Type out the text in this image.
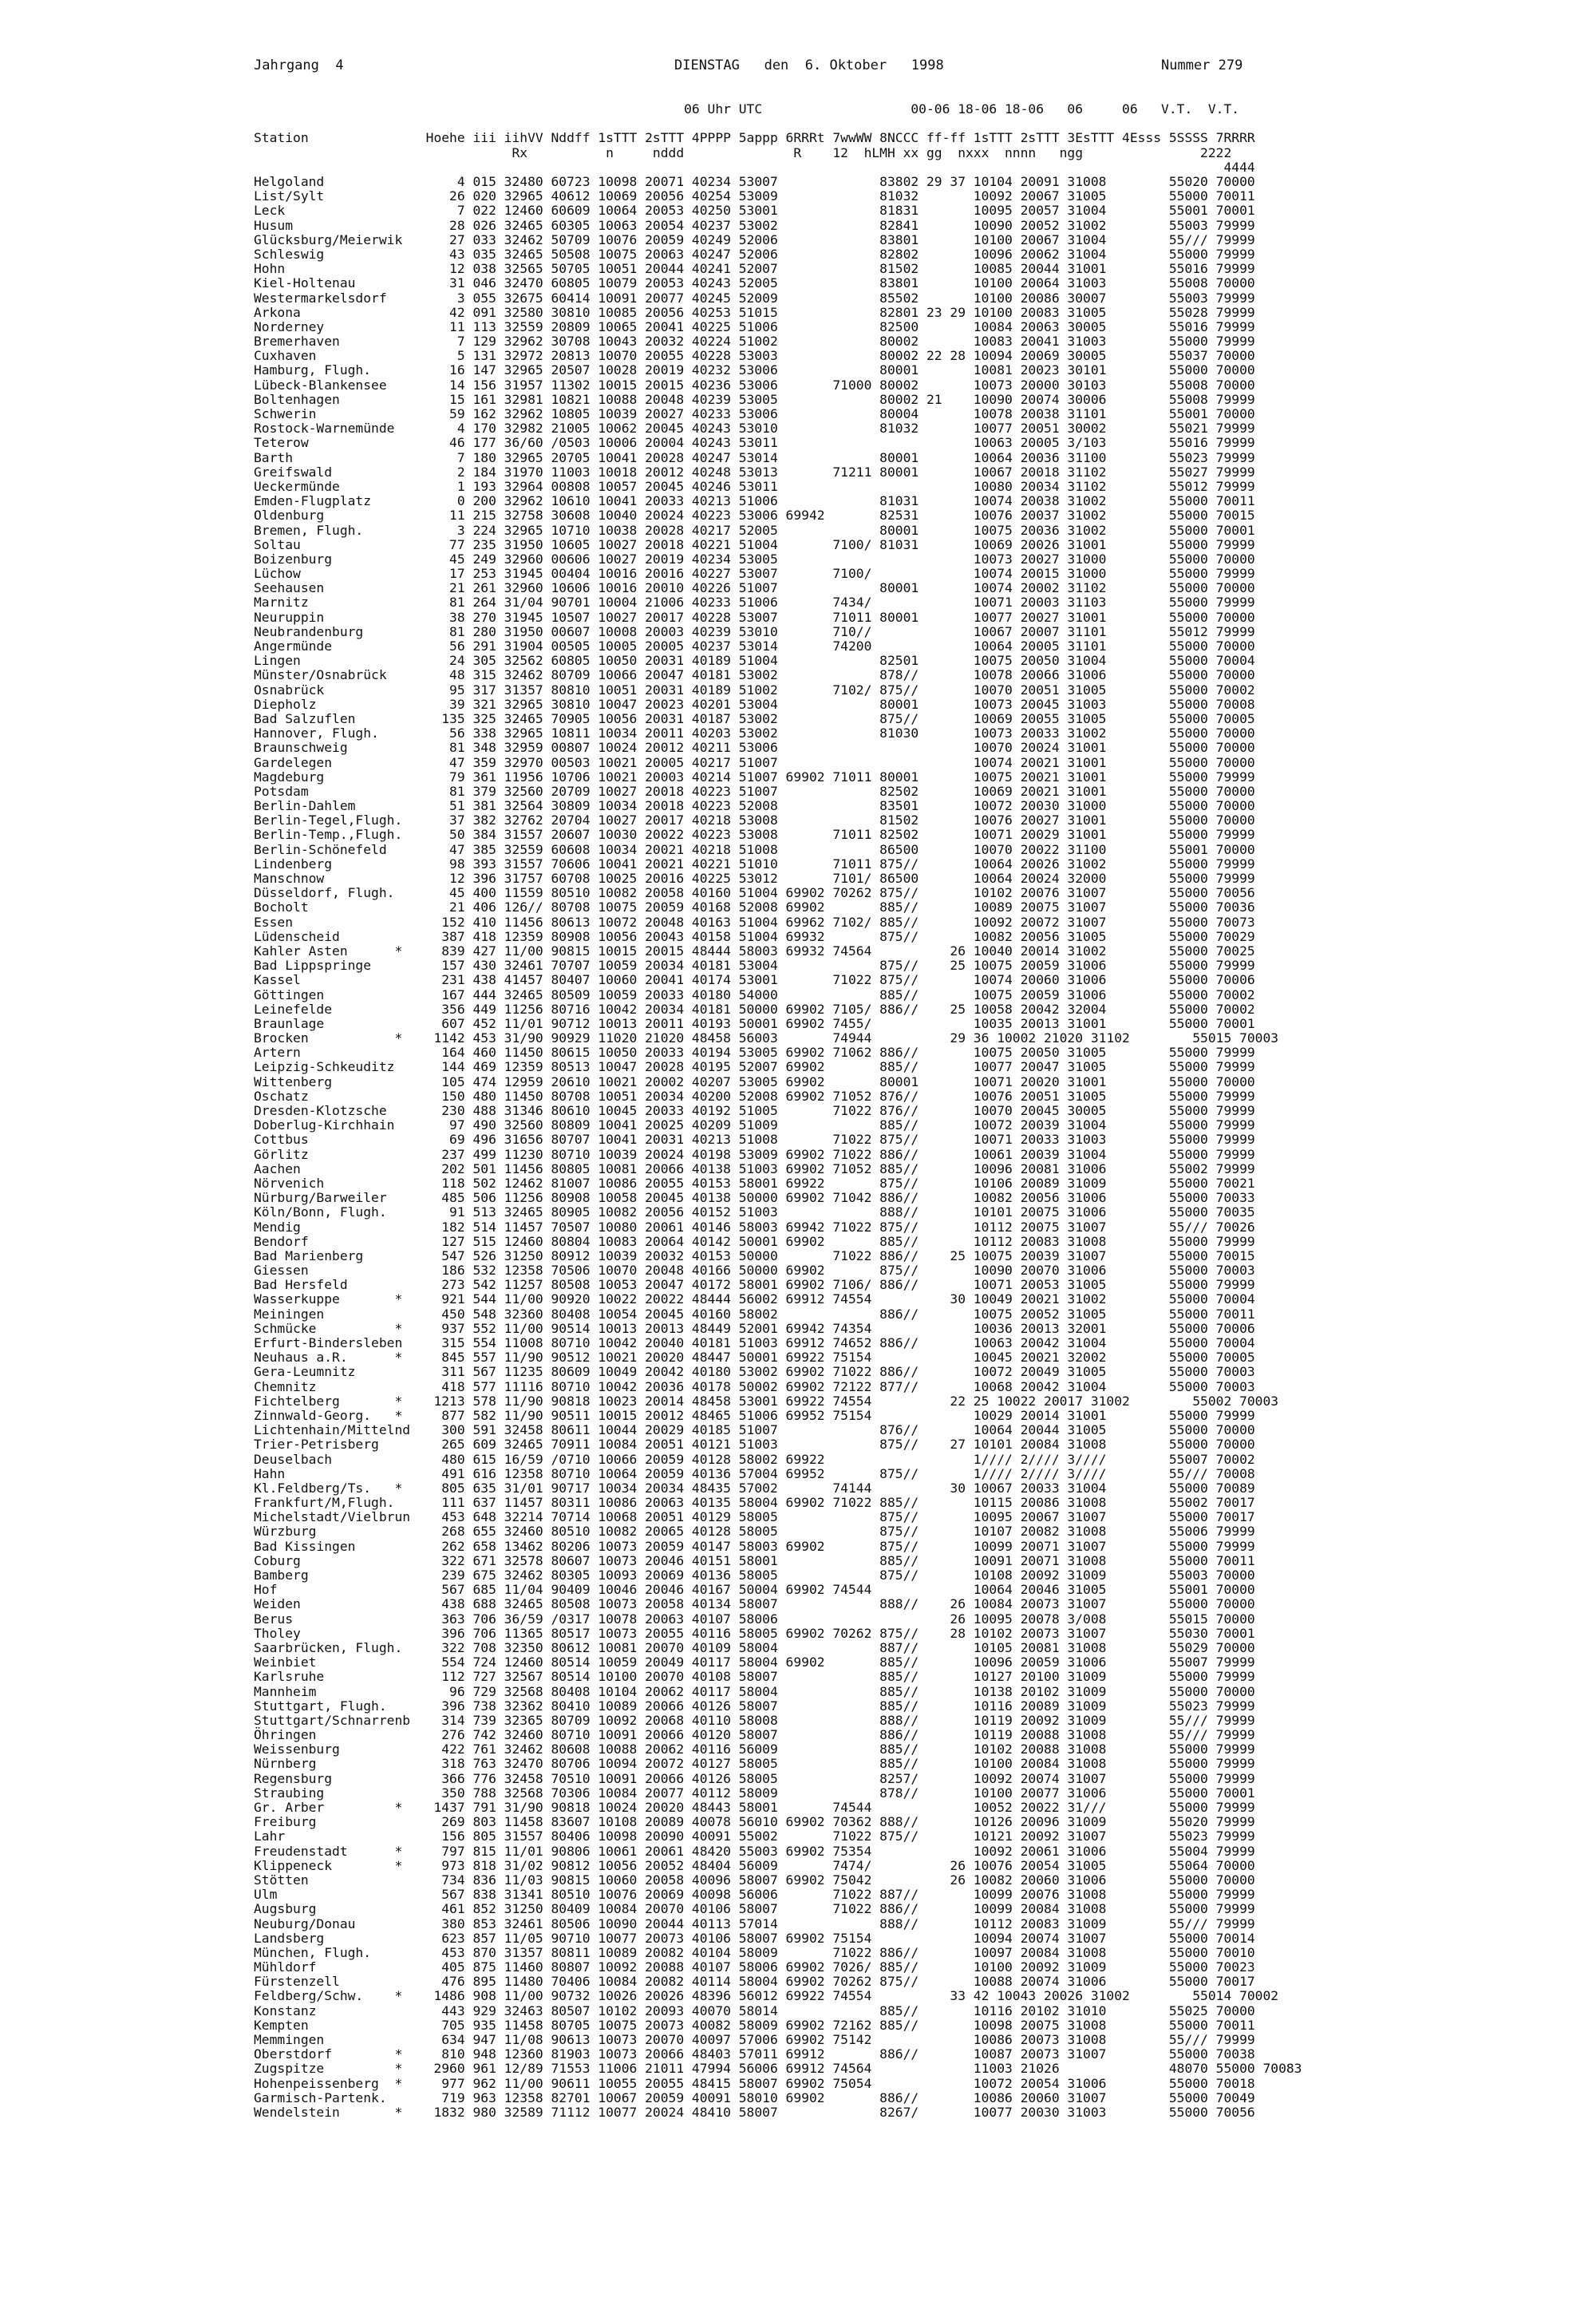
Jahrgang  4	DIENSTAG   den  6. Oktober   1998	Nummer 279
06 Uhr UTC                   00-06 18-06 18-06   06     06   V.T.  V.T.
Station               Hoehe iii iihVV Nddff 1sTTT 2sTTT 4PPPP 5appp 6RRRt 7wwWW 8NCCC ff-ff 1sTTT 2sTTT 3EsTTT 4Esss 5SSSS 7RRRR
Rx          n     nddd              R    12  hLMH xx gg  nxxx  nnnn   ngg               2222
4444
Helgoland                 4 015 32480 60723 10098 20071 40234 53007             83802 29 37 10104 20091 31008        55020 70000
List/Sylt                26 020 32965 40612 10069 20056 40254 53009             81032       10092 20067 31005        55000 70011
Leck                      7 022 12460 60609 10064 20053 40250 53001             81831       10095 20057 31004        55001 70001
Husum                    28 026 32465 60305 10063 20054 40237 53002             82841       10090 20052 31002        55003 79999
Glücksburg/Meierwik      27 033 32462 50709 10076 20059 40249 52006             83801       10100 20067 31004        55/// 79999
Schleswig                43 035 32465 50508 10075 20063 40247 52006             82802       10096 20062 31004        55000 79999
Hohn                     12 038 32565 50705 10051 20044 40241 52007             81502       10085 20044 31001        55016 79999
Kiel-Holtenau            31 046 32470 60805 10079 20053 40243 52005             83801       10100 20064 31003        55008 70000
Westermarkelsdorf         3 055 32675 60414 10091 20077 40245 52009             85502       10100 20086 30007        55003 79999
Arkona                   42 091 32580 30810 10085 20056 40253 51015             82801 23 29 10100 20083 31005        55028 79999
Norderney                11 113 32559 20809 10065 20041 40225 51006             82500       10084 20063 30005        55016 79999
Bremerhaven               7 129 32962 30708 10043 20032 40224 51002             80002       10083 20041 31003        55000 79999
Cuxhaven                  5 131 32972 20813 10070 20055 40228 53003             80002 22 28 10094 20069 30005        55037 70000
Hamburg, Flugh.          16 147 32965 20507 10028 20019 40232 53006             80001       10081 20023 30101        55000 70000
Lübeck-Blankensee        14 156 31957 11302 10015 20015 40236 53006       71000 80002       10073 20000 30103        55008 70000
Boltenhagen              15 161 32981 10821 10088 20048 40239 53005             80002 21    10090 20074 30006        55008 79999
Schwerin                 59 162 32962 10805 10039 20027 40233 53006             80004       10078 20038 31101        55001 70000
Rostock-Warnemünde        4 170 32982 21005 10062 20045 40243 53010             81032       10077 20051 30002        55021 79999
Teterow                  46 177 36/60 /0503 10006 20004 40243 53011                         10063 20005 3/103        55016 79999
Barth                     7 180 32965 20705 10041 20028 40247 53014             80001       10064 20036 31100        55023 79999
Greifswald                2 184 31970 11003 10018 20012 40248 53013       71211 80001       10067 20018 31102        55027 79999
Ueckermünde               1 193 32964 00808 10057 20045 40246 53011                         10080 20034 31102        55012 79999
Emden-Flugplatz           0 200 32962 10610 10041 20033 40213 51006             81031       10074 20038 31002        55000 70011
Oldenburg                11 215 32758 30608 10040 20024 40223 53006 69942       82531       10076 20037 31002        55000 70015
Bremen, Flugh.            3 224 32965 10710 10038 20028 40217 52005             80001       10075 20036 31002        55000 70001
Soltau                   77 235 31950 10605 10027 20018 40221 51004       7100/ 81031       10069 20026 31001        55000 79999
Boizenburg               45 249 32960 00606 10027 20019 40234 53005                         10073 20027 31000        55000 70000
Lüchow                   17 253 31945 00404 10016 20016 40227 53007       7100/             10074 20015 31000        55000 79999
Seehausen                21 261 32960 10606 10016 20010 40226 51007             80001       10074 20002 31102        55000 70000
Marnitz                  81 264 31/04 90701 10004 21006 40233 51006       7434/             10071 20003 31103        55000 79999
Neuruppin                38 270 31945 10507 10027 20017 40228 53007       71011 80001       10077 20027 31001        55000 70000
Neubrandenburg           81 280 31950 00607 10008 20003 40239 53010       710//             10067 20007 31101        55012 79999
Angermünde               56 291 31904 00505 10005 20005 40237 53014       74200             10064 20005 31101        55000 70000
Lingen                   24 305 32562 60805 10050 20031 40189 51004             82501       10075 20050 31004        55000 70004
Münster/Osnabrück        48 315 32462 80709 10066 20047 40181 53002             878//       10078 20066 31006        55000 70000
Osnabrück                95 317 31357 80810 10051 20031 40189 51002       7102/ 875//       10070 20051 31005        55000 70002
Diepholz                 39 321 32965 30810 10047 20023 40201 53004             80001       10073 20045 31003        55000 70008
Bad Salzuflen           135 325 32465 70905 10056 20031 40187 53002             875//       10069 20055 31005        55000 70005
Hannover, Flugh.         56 338 32965 10811 10034 20011 40203 53002             81030       10073 20033 31002        55000 70000
Braunschweig             81 348 32959 00807 10024 20012 40211 53006                         10070 20024 31001        55000 70000
Gardelegen               47 359 32970 00503 10021 20005 40217 51007                         10074 20021 31001        55000 70000
Magdeburg                79 361 11956 10706 10021 20003 40214 51007 69902 71011 80001       10075 20021 31001        55000 79999
Potsdam                  81 379 32560 20709 10027 20018 40223 51007             82502       10069 20021 31001        55000 70000
Berlin-Dahlem            51 381 32564 30809 10034 20018 40223 52008             83501       10072 20030 31000        55000 70000
Berlin-Tegel,Flugh.      37 382 32762 20704 10027 20017 40218 53008             81502       10076 20027 31001        55000 70000
Berlin-Temp.,Flugh.      50 384 31557 20607 10030 20022 40223 53008       71011 82502       10071 20029 31001        55000 79999
Berlin-Schönefeld        47 385 32559 60608 10034 20021 40218 51008             86500       10070 20022 31100        55001 70000
Lindenberg               98 393 31557 70606 10041 20021 40221 51010       71011 875//       10064 20026 31002        55000 79999
Manschnow                12 396 31757 60708 10025 20016 40225 53012       7101/ 86500       10064 20024 32000        55000 79999
Düsseldorf, Flugh.       45 400 11559 80510 10082 20058 40160 51004 69902 70262 875//       10102 20076 31007        55000 70056
Bocholt                  21 406 126// 80708 10075 20059 40168 52008 69902       885//       10089 20075 31007        55000 70036
Essen                   152 410 11456 80613 10072 20048 40163 51004 69962 7102/ 885//       10092 20072 31007        55000 70073
Lüdenscheid             387 418 12359 80908 10056 20043 40158 51004 69932       875//       10082 20056 31005        55000 70029
Kahler Asten      *     839 427 11/00 90815 10015 20015 48444 58003 69932 74564          26 10040 20014 31002        55000 70025
Bad Lippspringe         157 430 32461 70707 10059 20034 40181 53004             875//    25 10075 20059 31006        55000 79999
Kassel                  231 438 41457 80407 10060 20041 40174 53001       71022 875//       10074 20060 31006        55000 70006
Göttingen               167 444 32465 80509 10059 20033 40180 54000             885//       10075 20059 31006        55000 70002
Leinefelde              356 449 11256 80716 10042 20034 40181 50000 69902 7105/ 886//    25 10058 20042 32004        55000 70002
Braunlage               607 452 11/01 90712 10013 20011 40193 50001 69902 7455/             10035 20013 31001        55000 70001
Brocken           *    1142 453 31/90 90929 11020 21020 48458 56003       74944          29 36 10002 21020 31102        55015 70003
Artern                  164 460 11450 80615 10050 20033 40194 53005 69902 71062 886//       10075 20050 31005        55000 79999
Leipzig-Schkeuditz      144 469 12359 80513 10047 20028 40195 52007 69902       885//       10077 20047 31005        55000 79999
Wittenberg              105 474 12959 20610 10021 20002 40207 53005 69902       80001       10071 20020 31001        55000 70000
Oschatz                 150 480 11450 80708 10051 20034 40200 52008 69902 71052 876//       10076 20051 31005        55000 79999
Dresden-Klotzsche       230 488 31346 80610 10045 20033 40192 51005       71022 876//       10070 20045 30005        55000 79999
Doberlug-Kirchhain       97 490 32560 80809 10041 20025 40209 51009             885//       10072 20039 31004        55000 79999
Cottbus                  69 496 31656 80707 10041 20031 40213 51008       71022 875//       10071 20033 31003        55000 79999
Görlitz                 237 499 11230 80710 10039 20024 40198 53009 69902 71022 886//       10061 20039 31004        55000 79999
Aachen                  202 501 11456 80805 10081 20066 40138 51003 69902 71052 885//       10096 20081 31006        55002 79999
Nörvenich               118 502 12462 81007 10086 20055 40153 58001 69922       875//       10106 20089 31009        55000 70021
Nürburg/Barweiler       485 506 11256 80908 10058 20045 40138 50000 69902 71042 886//       10082 20056 31006        55000 70033
Köln/Bonn, Flugh.        91 513 32465 80905 10082 20056 40152 51003             888//       10101 20075 31006        55000 70035
Mendig                  182 514 11457 70507 10080 20061 40146 58003 69942 71022 875//       10112 20075 31007        55/// 70026
Bendorf                 127 515 12460 80804 10083 20064 40142 50001 69902       885//       10112 20083 31008        55000 79999
Bad Marienberg          547 526 31250 80912 10039 20032 40153 50000       71022 886//    25 10075 20039 31007        55000 70015
Giessen                 186 532 12358 70506 10070 20048 40166 50000 69902       875//       10090 20070 31006        55000 70003
Bad Hersfeld            273 542 11257 80508 10053 20047 40172 58001 69902 7106/ 886//       10071 20053 31005        55000 79999
Wasserkuppe       *     921 544 11/00 90920 10022 20022 48444 56002 69912 74554          30 10049 20021 31002        55000 70004
Meiningen               450 548 32360 80408 10054 20045 40160 58002             886//       10075 20052 31005        55000 70011
Schmücke          *     937 552 11/00 90514 10013 20013 48449 52001 69942 74354             10036 20013 32001        55000 70006
Erfurt-Bindersleben     315 554 11008 80710 10042 20040 40181 51003 69912 74652 886//       10063 20042 31004        55000 70004
Neuhaus a.R.      *     845 557 11/90 90512 10021 20020 48447 50001 69922 75154             10045 20021 32002        55000 70005
Gera-Leumnitz           311 567 11235 80609 10049 20042 40180 53002 69902 71022 886//       10072 20049 31005        55000 70003
Chemnitz                418 577 11116 80710 10042 20036 40178 50002 69902 72122 877//       10068 20042 31004        55000 70003
Fichtelberg       *    1213 578 11/90 90818 10023 20014 48458 53001 69922 74554          22 25 10022 20017 31002        55002 70003
Zinnwald-Georg.   *     877 582 11/90 90511 10015 20012 48465 51006 69952 75154             10029 20014 31001        55000 79999
Lichtenhain/Mittelnd    300 591 32458 80611 10044 20029 40185 51007             876//       10064 20044 31005        55000 70000
Trier-Petrisberg        265 609 32465 70911 10084 20051 40121 51003             875//    27 10101 20084 31008        55000 70000
Deuselbach              480 615 16/59 /0710 10066 20059 40128 58002 69922                   1//// 2//// 3////        55007 70002
Hahn                    491 616 12358 80710 10064 20059 40136 57004 69952       875//       1//// 2//// 3////        55/// 70008
Kl.Feldberg/Ts.   *     805 635 31/01 90717 10034 20034 48435 57002       74144          30 10067 20033 31004        55000 70089
Frankfurt/M,Flugh.      111 637 11457 80311 10086 20063 40135 58004 69902 71022 885//       10115 20086 31008        55002 70017
Michelstadt/Vielbrun    453 648 32214 70714 10068 20051 40129 58005             875//       10095 20067 31007        55000 70017
Würzburg                268 655 32460 80510 10082 20065 40128 58005             875//       10107 20082 31008        55006 79999
Bad Kissingen           262 658 13462 80206 10073 20059 40147 58003 69902       875//       10099 20071 31007        55000 79999
Coburg                  322 671 32578 80607 10073 20046 40151 58001             885//       10091 20071 31008        55000 70011
Bamberg                 239 675 32462 80305 10093 20069 40136 58005             875//       10108 20092 31009        55003 70000
Hof                     567 685 11/04 90409 10046 20046 40167 50004 69902 74544             10064 20046 31005        55001 70000
Weiden                  438 688 32465 80508 10073 20058 40134 58007             888//    26 10084 20073 31007        55000 70000
Berus                   363 706 36/59 /0317 10078 20063 40107 58006                      26 10095 20078 3/008        55015 70000
Tholey                  396 706 11365 80517 10073 20055 40116 58005 69902 70262 875//    28 10102 20073 31007        55030 70001
Saarbrücken, Flugh.     322 708 32350 80612 10081 20070 40109 58004             887//       10105 20081 31008        55029 70000
Weinbiet                554 724 12460 80514 10059 20049 40117 58004 69902       885//       10096 20059 31006        55007 79999
Karlsruhe               112 727 32567 80514 10100 20070 40108 58007             885//       10127 20100 31009        55000 79999
Mannheim                 96 729 32568 80408 10104 20062 40117 58004             885//       10138 20102 31009        55000 70000
Stuttgart, Flugh.       396 738 32362 80410 10089 20066 40126 58007             885//       10116 20089 31009        55023 79999
Stuttgart/Schnarrenb    314 739 32365 80709 10092 20068 40110 58008             888//       10119 20092 31009        55/// 79999
Öhringen                276 742 32460 80710 10091 20066 40120 58007             886//       10119 20088 31008        55/// 79999
Weissenburg             422 761 32462 80608 10088 20062 40116 56009             885//       10102 20088 31008        55000 79999
Nürnberg                318 763 32470 80706 10094 20072 40127 58005             885//       10100 20084 31008        55000 79999
Regensburg              366 776 32458 70510 10091 20066 40126 58005             8257/       10092 20074 31007        55000 79999
Straubing               350 788 32568 70306 10084 20077 40112 58009             878//       10100 20077 31006        55000 70001
Gr. Arber         *    1437 791 31/90 90818 10024 20020 48443 58001       74544             10052 20022 31///        55000 79999
Freiburg                269 803 11458 83607 10108 20089 40078 56010 69902 70362 888//       10126 20096 31009        55020 79999
Lahr                    156 805 31557 80406 10098 20090 40091 55002       71022 875//       10121 20092 31007        55023 79999
Freudenstadt      *     797 815 11/01 90806 10061 20061 48420 55003 69902 75354             10092 20061 31006        55004 79999
Klippeneck        *     973 818 31/02 90812 10056 20052 48404 56009       7474/          26 10076 20054 31005        55064 70000
Stötten                 734 836 11/03 90815 10060 20058 40096 58007 69902 75042          26 10082 20060 31006        55000 70000
Ulm                     567 838 31341 80510 10076 20069 40098 56006       71022 887//       10099 20076 31008        55000 79999
Augsburg                461 852 31250 80409 10084 20070 40106 58007       71022 886//       10099 20084 31008        55000 79999
Neuburg/Donau           380 853 32461 80506 10090 20044 40113 57014             888//       10112 20083 31009        55/// 79999
Landsberg               623 857 11/05 90710 10077 20073 40106 58007 69902 75154             10094 20074 31007        55000 70014
München, Flugh.         453 870 31357 80811 10089 20082 40104 58009       71022 886//       10097 20084 31008        55000 70010
Mühldorf                405 875 11460 80807 10092 20088 40107 58006 69902 7026/ 885//       10100 20092 31009        55000 70023
Fürstenzell             476 895 11480 70406 10084 20082 40114 58004 69902 70262 875//       10088 20074 31006        55000 70017
Feldberg/Schw.    *    1486 908 11/00 90732 10026 20026 48396 56012 69922 74554          33 42 10043 20026 31002        55014 70002
Konstanz                443 929 32463 80507 10102 20093 40070 58014             885//       10116 20102 31010        55025 70000
Kempten                 705 935 11458 80705 10075 20073 40082 58009 69902 72162 885//       10098 20075 31008        55000 70011
Memmingen               634 947 11/08 90613 10073 20070 40097 57006 69902 75142             10086 20073 31008        55/// 79999
Oberstdorf        *     810 948 12360 81903 10073 20066 48403 57011 69912       886//       10087 20073 31007        55000 70038
Zugspitze         *    2960 961 12/89 71553 11006 21011 47994 56006 69912 74564             11003 21026              48070 55000 70083
Hohenpeissenberg  *     977 962 11/00 90611 10055 20055 48415 58007 69902 75054             10072 20054 31006        55000 70018
Garmisch-Partenk.       719 963 12358 82701 10067 20059 40091 58010 69902       886//       10086 20060 31007        55000 70049
Wendelstein       *    1832 980 32589 71112 10077 20024 48410 58007             8267/       10077 20030 31003        55000 70056
